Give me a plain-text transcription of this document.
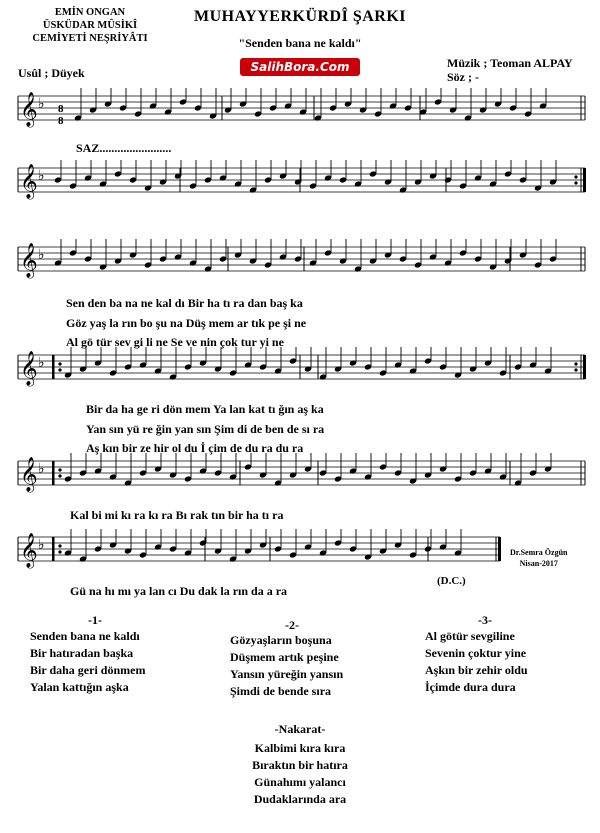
EMİN ONGAN
ÜSKÜDAR MÛSİKÎ
CEMİYETİ NEŞRİYÂTI
MUHAYYERKÜRDÎ ŞARKI
"Senden bana ne kaldı"
Usûl ; Düyek	SalihBora.Com	Müzik ; Teoman ALPAY
Söz ; -
8
8
𝄞 ♭
𝄞 ♭
𝄞 ♭
𝄞 ♭
𝄞 ♭
𝄞 ♭
SAZ........................
Sen den ba na ne kal dı Bir ha tı ra dan baş ka
Göz yaş la rın bo şu na Düş mem ar tık pe şi ne
Al gö tür sev gi li ne Se ve nin çok tur yi ne
Bir da ha ge ri dön mem Ya lan kat tı ğın aş ka
Yan sın yü re ğin yan sın Şim di de ben de sı ra
Aş kın bir ze hir ol du İ çim de du ra du ra
Kal bi mi kı ra kı ra Bı rak tın bir ha tı ra
Gü na hı mı ya lan cı Du dak la rın da a ra
Dr.Semra Özgün
Nisan-2017
(D.C.)
-1-
Senden bana ne kaldı
Bir hatıradan başka
Bir daha geri dönmem
Yalan kattığın aşka
-2-
Gözyaşların boşuna
Düşmem artık peşine
Yansın yüreğin yansın
Şimdi de bende sıra
-3-
Al götür sevgiline
Sevenin çoktur yine
Aşkın bir zehir oldu
İçimde dura dura
-Nakarat-
Kalbimi kıra kıra
Bıraktın bir hatıra
Günahımı yalancı
Dudaklarında ara
